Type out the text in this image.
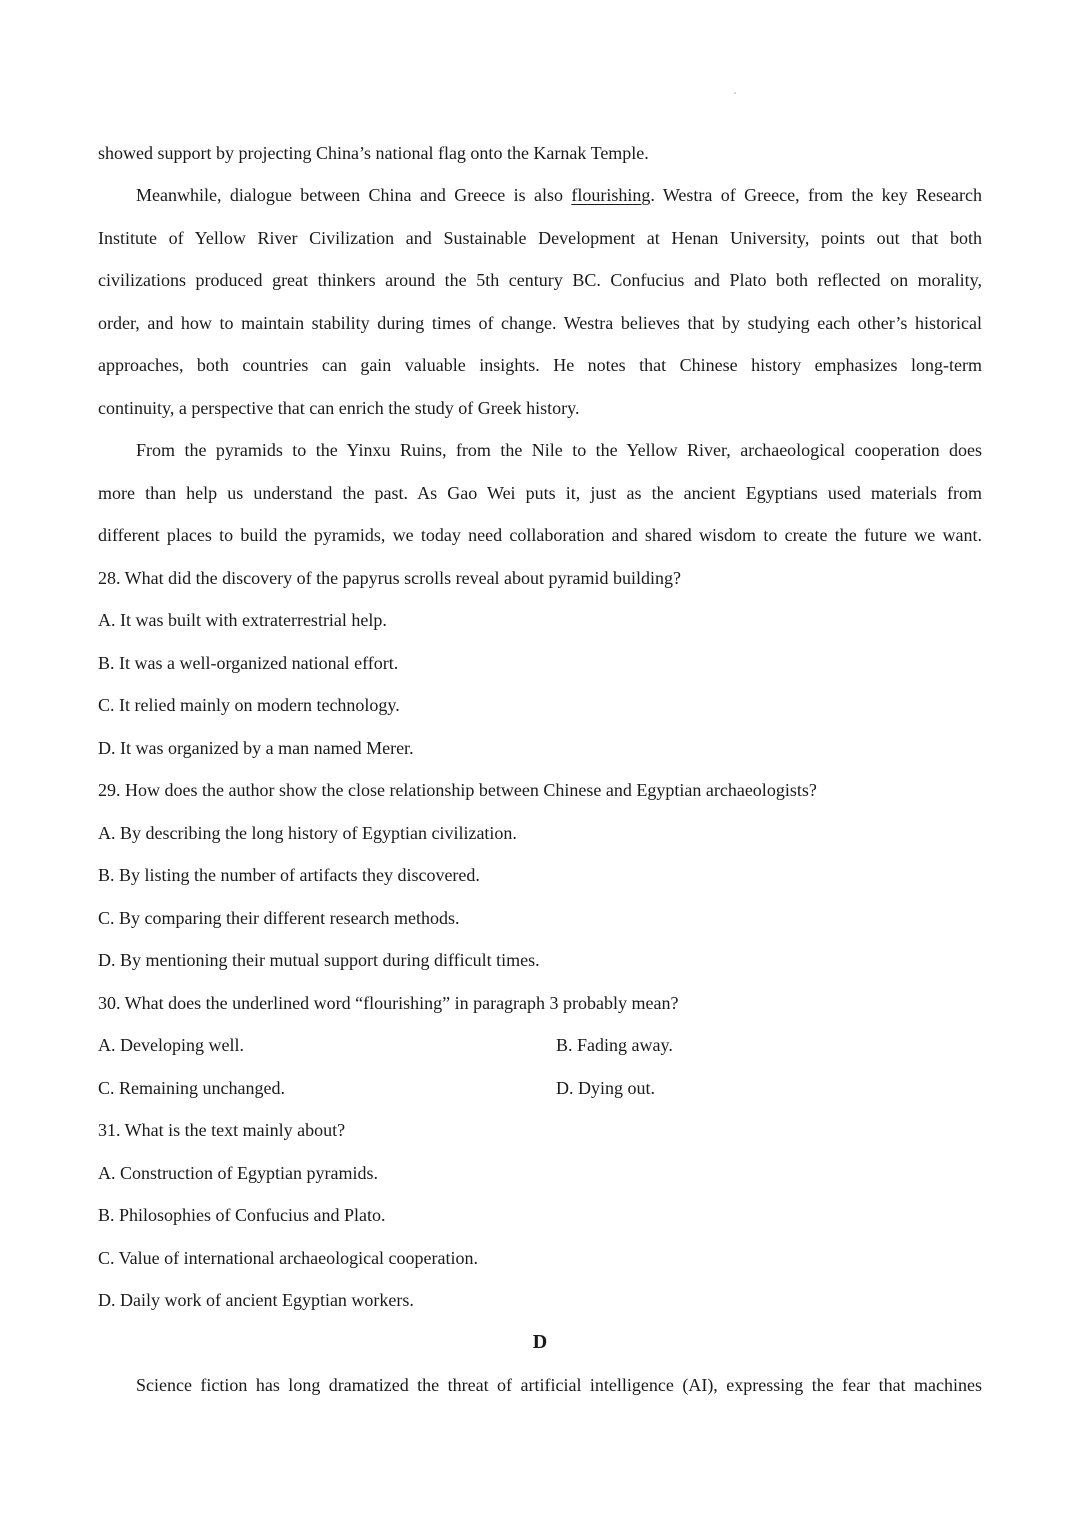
showed support by projecting China’s national flag onto the Karnak Temple.
Meanwhile, dialogue between China and Greece is also flourishing. Westra of Greece, from the key Research
Institute of Yellow River Civilization and Sustainable Development at Henan University, points out that both
civilizations produced great thinkers around the 5th century BC. Confucius and Plato both reflected on morality,
order, and how to maintain stability during times of change. Westra believes that by studying each other’s historical
approaches, both countries can gain valuable insights. He notes that Chinese history emphasizes long-term
continuity, a perspective that can enrich the study of Greek history.
From the pyramids to the Yinxu Ruins, from the Nile to the Yellow River, archaeological cooperation does
more than help us understand the past. As Gao Wei puts it, just as the ancient Egyptians used materials from
different places to build the pyramids, we today need collaboration and shared wisdom to create the future we want.
28. What did the discovery of the papyrus scrolls reveal about pyramid building?
A. It was built with extraterrestrial help.
B. It was a well-organized national effort.
C. It relied mainly on modern technology.
D. It was organized by a man named Merer.
29. How does the author show the close relationship between Chinese and Egyptian archaeologists?
A. By describing the long history of Egyptian civilization.
B. By listing the number of artifacts they discovered.
C. By comparing their different research methods.
D. By mentioning their mutual support during difficult times.
30. What does the underlined word “flourishing” in paragraph 3 probably mean?
A. Developing well.	B. Fading away.
C. Remaining unchanged.	D. Dying out.
31. What is the text mainly about?
A. Construction of Egyptian pyramids.
B. Philosophies of Confucius and Plato.
C. Value of international archaeological cooperation.
D. Daily work of ancient Egyptian workers.
D
Science fiction has long dramatized the threat of artificial intelligence (AI), expressing the fear that machines
